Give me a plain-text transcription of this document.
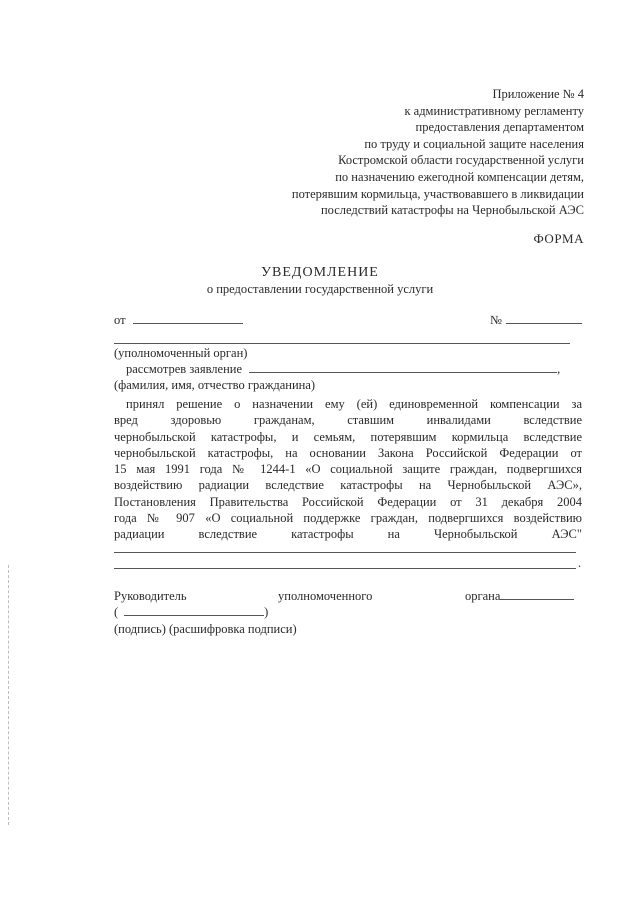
Приложение № 4
к административному регламенту
предоставления департаментом
по труду и социальной защите населения
Костромской области государственной услуги
по назначению ежегодной компенсации детям,
потерявшим кормильца, участвовавшего в ликвидации
последствий катастрофы на Чернобыльской АЭС
ФОРМА
УВЕДОМЛЕНИЕ
о предоставлении государственной услуги
от	№
(уполномоченный орган)
рассмотрев заявление	,
(фамилия, имя, отчество гражданина)
принял решение о назначении ему (ей) единовременной компенсации за
вред здоровью гражданам, ставшим инвалидами вследствие
чернобыльской катастрофы, и семьям, потерявшим кормильца вследствие
чернобыльской катастрофы, на основании Закона Российской Федерации от
15 мая 1991 года № 1244-1 «О социальной защите граждан, подвергшихся
воздействию радиации вследствие катастрофы на Чернобыльской АЭС»,
Постановления Правительства Российской Федерации от 31 декабря 2004
года № 907 «О социальной поддержке граждан, подвергшихся воздействию
радиации вследствие катастрофы на Чернобыльской АЭС"
.
Руководитель	уполномоченного	органа
(	)
(подпись) (расшифровка подписи)
